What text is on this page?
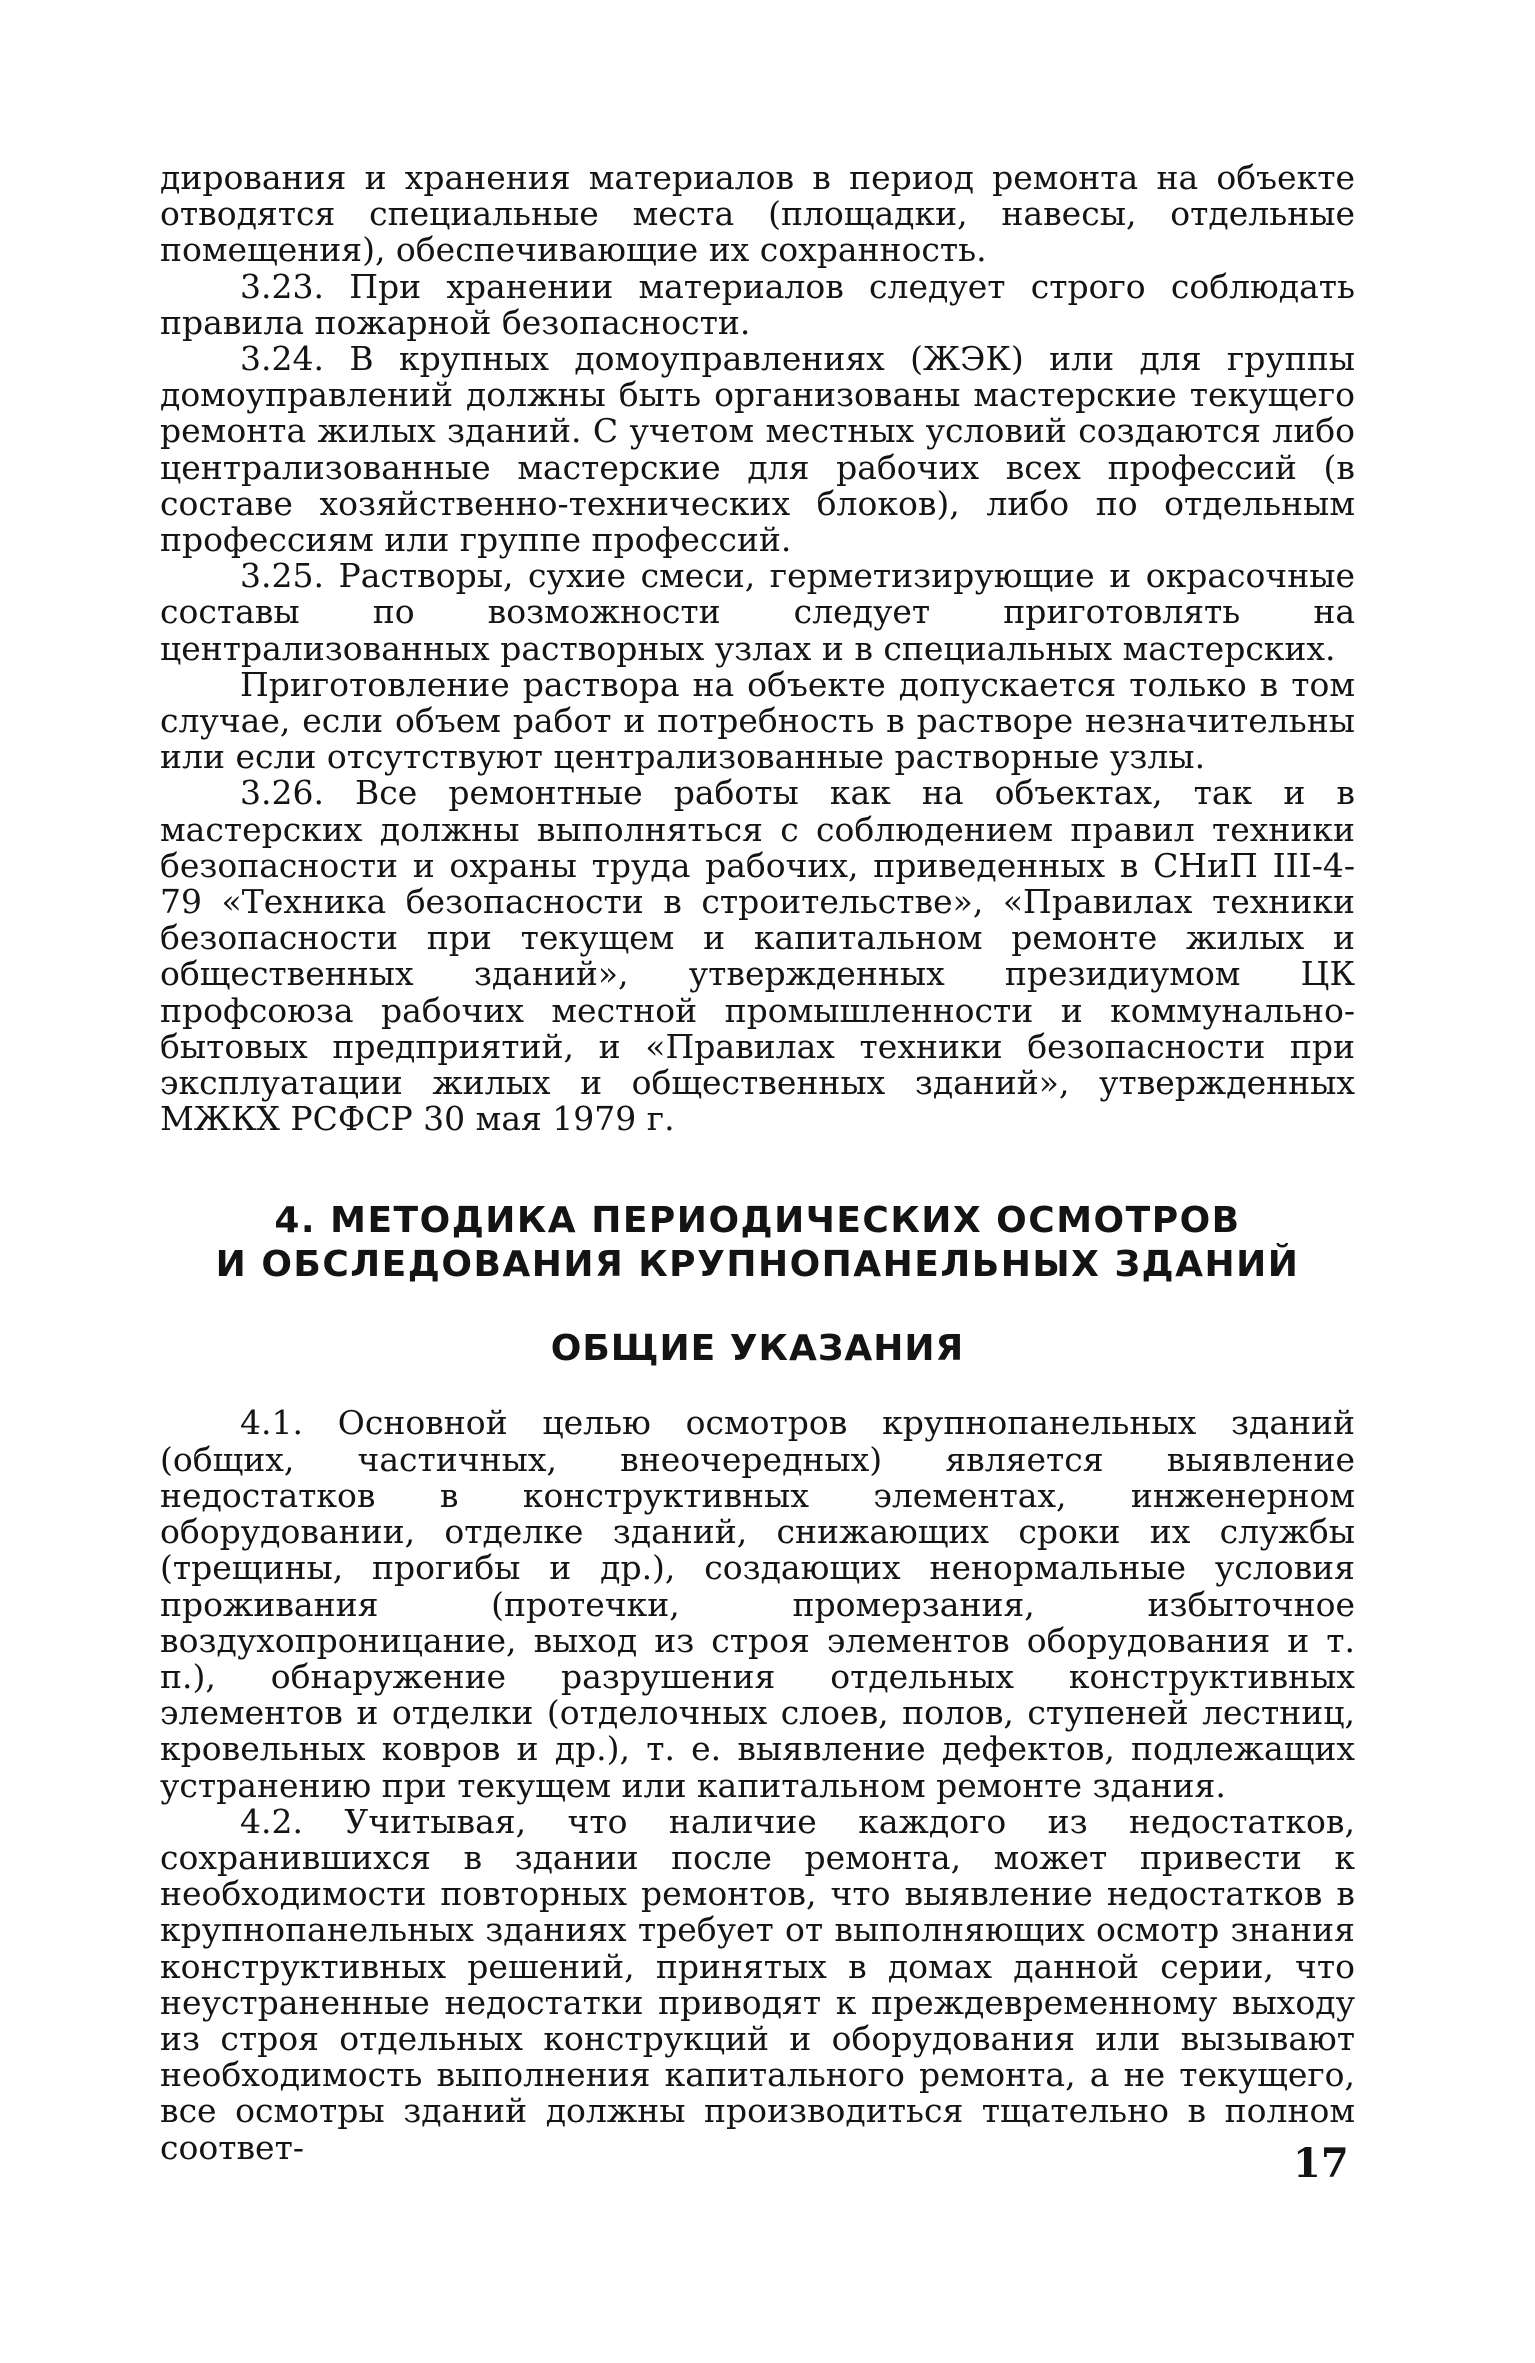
дирования и хранения материалов в период ремонта на объекте отводятся специальные места (площадки, навесы, отдельные помещения), обеспечивающие их сохранность.

3.23. При хранении материалов следует строго соблюдать правила пожарной безопасности.

3.24. В крупных домоуправлениях (ЖЭК) или для группы домоуправлений должны быть организованы мастерские текущего ремонта жилых зданий. С учетом местных условий создаются либо централизованные мастерские для рабочих всех профессий (в составе хозяйственно-технических блоков), либо по отдельным профессиям или группе профессий.

3.25. Растворы, сухие смеси, герметизирующие и окрасочные составы по возможности следует приготовлять на централизованных растворных узлах и в специальных мастерских.

Приготовление раствора на объекте допускается только в том случае, если объем работ и потребность в растворе незначительны или если отсутствуют централизованные растворные узлы.

3.26. Все ремонтные работы как на объектах, так и в мастерских должны выполняться с соблюдением правил техники безопасности и охраны труда рабочих, приведенных в СНиП III-4-79 «Техника безопасности в строительстве», «Правилах техники безопасности при текущем и капитальном ремонте жилых и общественных зданий», утвержденных президиумом ЦК профсоюза рабочих местной промышленности и коммунально-бытовых предприятий, и «Правилах техники безопасности при эксплуатации жилых и общественных зданий», утвержденных МЖКХ РСФСР 30 мая 1979 г.

4. МЕТОДИКА ПЕРИОДИЧЕСКИХ ОСМОТРОВ
И ОБСЛЕДОВАНИЯ КРУПНОПАНЕЛЬНЫХ ЗДАНИЙ
ОБЩИЕ УКАЗАНИЯ

4.1. Основной целью осмотров крупнопанельных зданий (общих, частичных, внеочередных) является выявление недостатков в конструктивных элементах, инженерном оборудовании, отделке зданий, снижающих сроки их службы (трещины, прогибы и др.), создающих ненормальные условия проживания (протечки, промерзания, избыточное воздухопроницание, выход из строя элементов оборудования и т. п.), обнаружение разрушения отдельных конструктивных элементов и отделки (отделочных слоев, полов, ступеней лестниц, кровельных ковров и др.), т. е. выявление дефектов, подлежащих устранению при текущем или капитальном ремонте здания.

4.2. Учитывая, что наличие каждого из недостатков, сохранившихся в здании после ремонта, может привести к необходимости повторных ремонтов, что выявление недостатков в крупнопанельных зданиях требует от выполняющих осмотр знания конструктивных решений, принятых в домах данной серии, что неустраненные недостатки приводят к преждевременному выходу из строя отдельных конструкций и оборудования или вызывают необходимость выполнения капитального ремонта, а не текущего, все осмотры зданий должны производиться тщательно в полном соответ-	17
